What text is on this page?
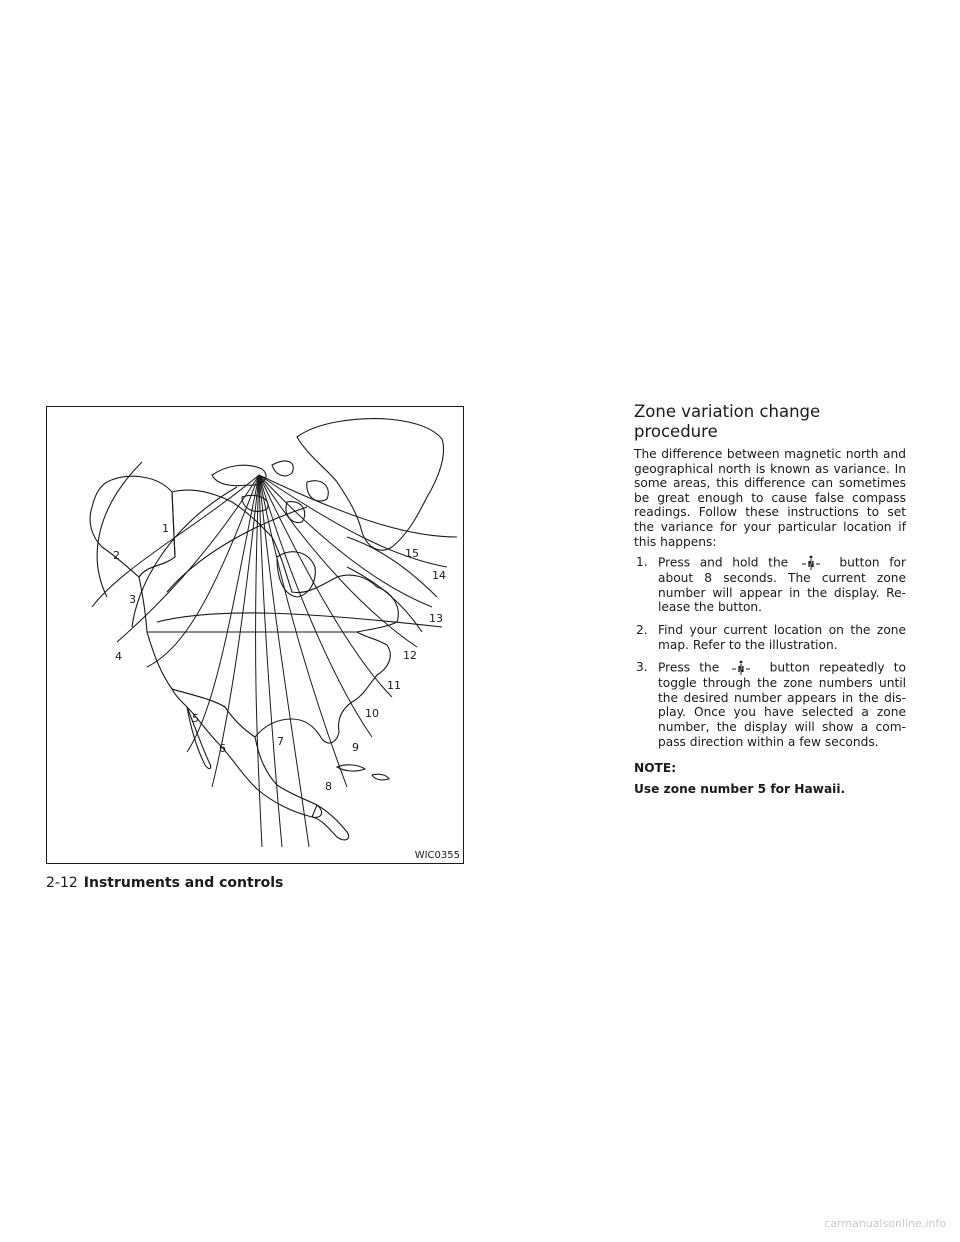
1
2
3
4
5
6
7
8
9
10
11
12
13
14
15
WIC0355
2-12 Instruments and controls
Zone variation change procedure

The difference between magnetic north and geographical north is known as variance. In some areas, this difference can sometimes be great enough to cause false compass readings. Follow these instructions to set the variance for your particular location if this happens:

1. Press and hold the N button for about 8 seconds. The current zone number will appear in the display. Release the button.
2. Find your current location on the zone map. Refer to the illustration.
3. Press the N button repeatedly to toggle through the zone numbers until the desired number appears in the display. Once you have selected a zone number, the display will show a compass direction within a few seconds.

NOTE:

Use zone number 5 for Hawaii.

carmanualsonline.info
